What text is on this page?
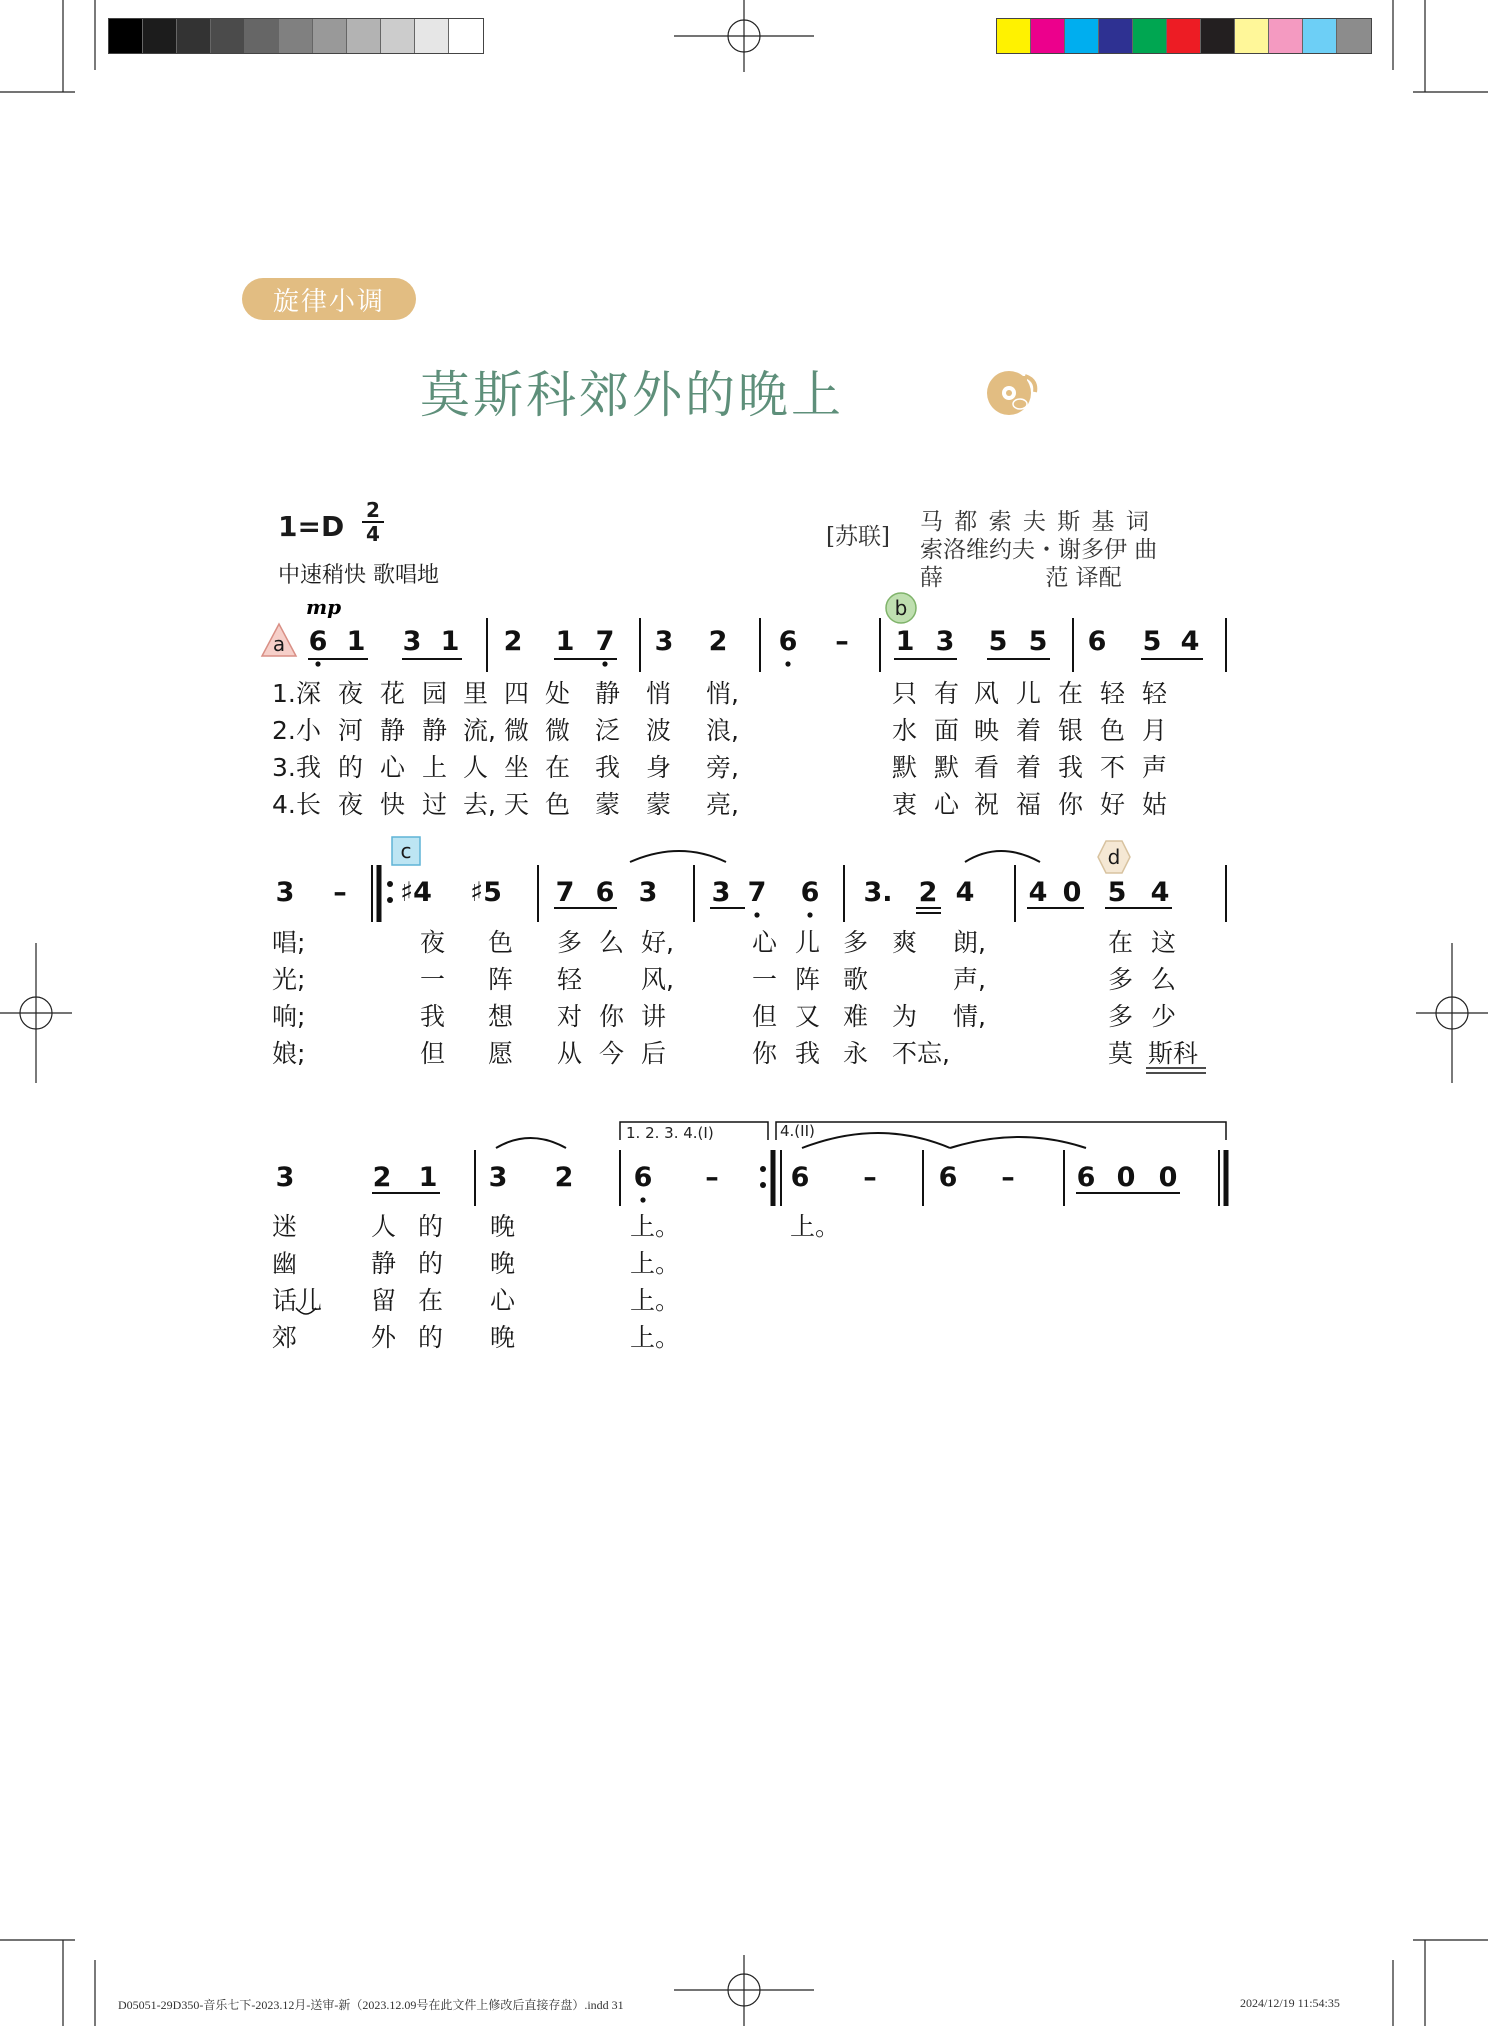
旋律小调
莫斯科郊外的晚上
1=D 2
4
中速稍快 歌唱地
[苏联]
马 都 索 夫 斯 基 词
索洛维约夫・谢多伊 曲
薛              范 译配
mp
a
b
c	d
1. 2. 3. 4.(I)	4.(II)
6 1 3 1 2 1 7 3 2 6 – 1 3 5 5 6 5 4
3 – ♯4 ♯5 7 6 3 3 7 6 3. 2 4 4 0 5 4
3	2 1 3 2 6 –	6 – 6 – 6 0 0
1. 深 夜 花 园 里 四 处 静 悄 悄,	只 有 风 儿 在 轻 轻
2. 小 河 静 静 流, 微 微 泛 波 浪,	水 面 映 着 银 色 月
3. 我 的 心 上 人 坐 在 我 身 旁,	默 默 看 着 我 不 声
4. 长 夜 快 过 去, 天 色 蒙 蒙 亮,	衷 心 祝 福 你 好 姑
唱;	夜 色 多 么 好,	心 儿 多 爽 朗,	在 这
光;	一 阵 轻 风,	一 阵 歌	声,	多 么
响;	我 想 对 你 讲	但 又 难 为 情,	多 少
娘;	但 愿 从 今 后	你 我 永 不忘,	莫 斯科
迷	人 的 晚	上。	上。
幽	静 的 晚	上。
话儿 留 在 心	上。
郊	外 的 晚	上。
D05051-29D350-音乐七下-2023.12月-送审-新（2023.12.09号在此文件上修改后直接存盘）.indd 31	2024/12/19 11:54:35
